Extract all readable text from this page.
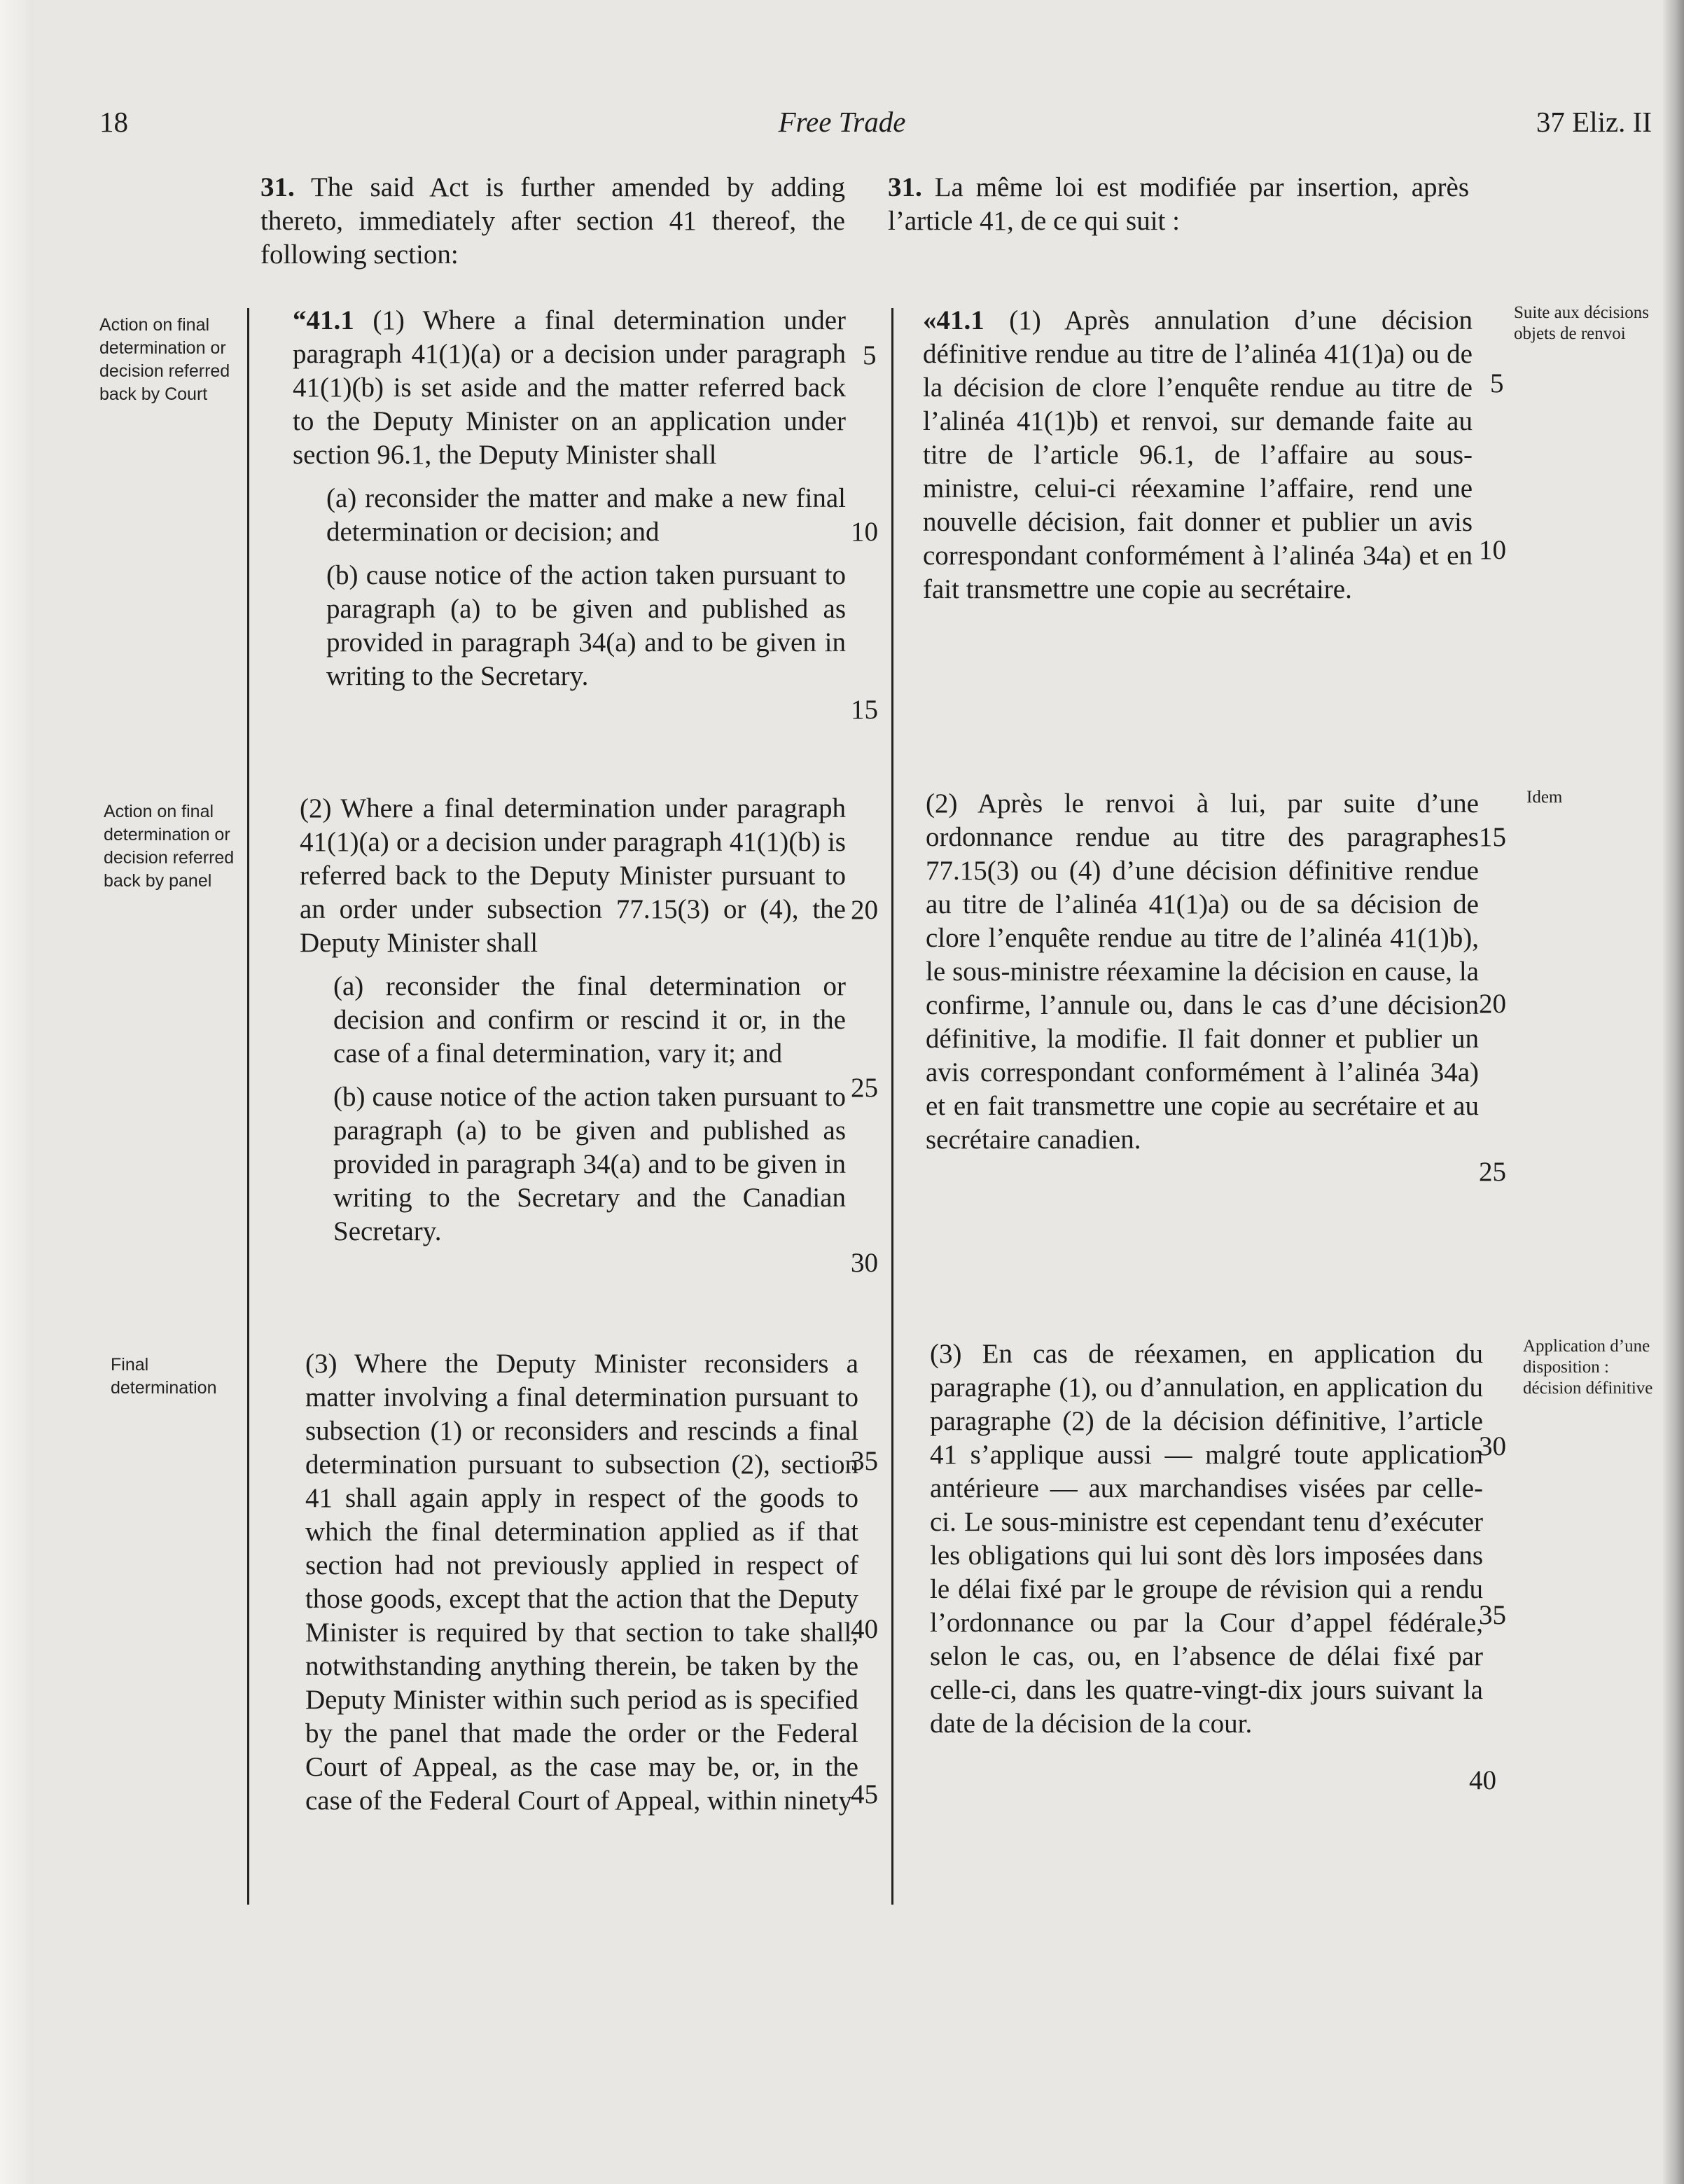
18	Free Trade	37 Eliz. II

31. The said Act is further amended by adding thereto, immediately after section 41 thereof, the following section:

31. La même loi est modifiée par insertion, après l’article 41, de ce qui suit :

Action on final determination or decision referred back by Court
Action on final determination or decision referred back by panel
Final determination
Suite aux décisions objets de renvoi
Idem
Application d’une disposition : décision définitive

“41.1 (1) Where a final determination under paragraph 41(1)(a) or a decision under paragraph 41(1)(b) is set aside and the matter referred back to the Deputy Minister on an application under section 96.1, the Deputy Minister shall

(a) reconsider the matter and make a new final determination or decision; and

(b) cause notice of the action taken pursuant to paragraph (a) to be given and published as provided in paragraph 34(a) and to be given in writing to the Secretary.

(2) Where a final determination under paragraph 41(1)(a) or a decision under paragraph 41(1)(b) is referred back to the Deputy Minister pursuant to an order under subsection 77.15(3) or (4), the Deputy Minister shall

(a) reconsider the final determination or decision and confirm or rescind it or, in the case of a final determination, vary it; and

(b) cause notice of the action taken pursuant to paragraph (a) to be given and published as provided in paragraph 34(a) and to be given in writing to the Secretary and the Canadian Secretary.

(3) Where the Deputy Minister reconsiders a matter involving a final determination pursuant to subsection (1) or reconsiders and rescinds a final determination pursuant to subsection (2), section 41 shall again apply in respect of the goods to which the final determination applied as if that section had not previously applied in respect of those goods, except that the action that the Deputy Minister is required by that section to take shall, notwithstanding anything therein, be taken by the Deputy Minister within such period as is specified by the panel that made the order or the Federal Court of Appeal, as the case may be, or, in the case of the Federal Court of Appeal, within ninety

«41.1 (1) Après annulation d’une décision définitive rendue au titre de l’alinéa 41(1)a) ou de la décision de clore l’enquête rendue au titre de l’alinéa 41(1)b) et renvoi, sur demande faite au titre de l’article 96.1, de l’affaire au sous-ministre, celui-ci réexamine l’affaire, rend une nouvelle décision, fait donner et publier un avis correspondant conformément à l’alinéa 34a) et en fait transmettre une copie au secrétaire.

(2) Après le renvoi à lui, par suite d’une ordonnance rendue au titre des paragraphes 77.15(3) ou (4) d’une décision définitive rendue au titre de l’alinéa 41(1)a) ou de sa décision de clore l’enquête rendue au titre de l’alinéa 41(1)b), le sous-ministre réexamine la décision en cause, la confirme, l’annule ou, dans le cas d’une décision définitive, la modifie. Il fait donner et publier un avis correspondant conformément à l’alinéa 34a) et en fait transmettre une copie au secrétaire et au secrétaire canadien.

(3) En cas de réexamen, en application du paragraphe (1), ou d’annulation, en application du paragraphe (2) de la décision définitive, l’article 41 s’applique aussi — malgré toute application antérieure — aux marchandises visées par celle-ci. Le sous-ministre est cependant tenu d’exécuter les obligations qui lui sont dès lors imposées dans le délai fixé par le groupe de révision qui a rendu l’ordonnance ou par la Cour d’appel fédérale, selon le cas, ou, en l’absence de délai fixé par celle-ci, dans les quatre-vingt-dix jours suivant la date de la décision de la cour.

5
10
15
20
25
30
35
40
45
5
10
15
20
25
30
35
40
